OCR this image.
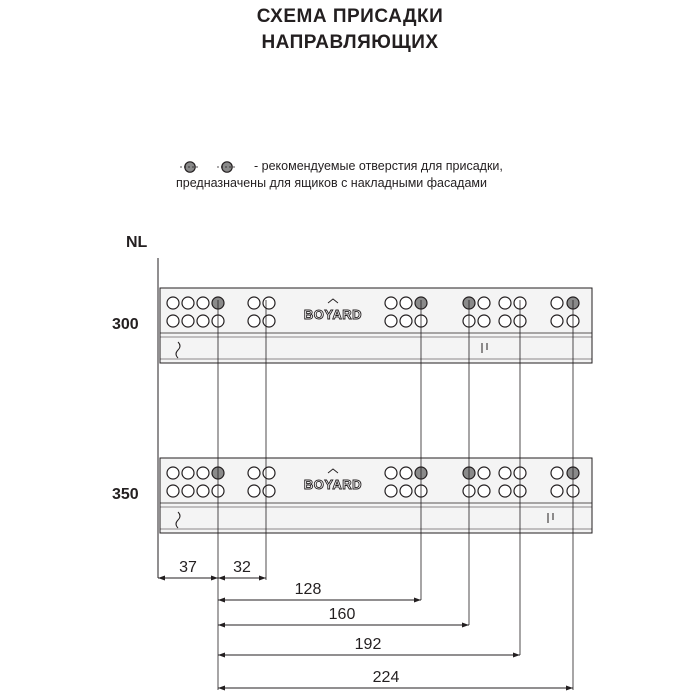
СХЕМА ПРИСАДКИ
НАПРАВЛЯЮЩИХ
BOYARD
BOYARD
37 32
128
160
192
224
- рекомендуемые отверстия для присадки,
предназначены для ящиков с накладными фасадами
NL
300
350
